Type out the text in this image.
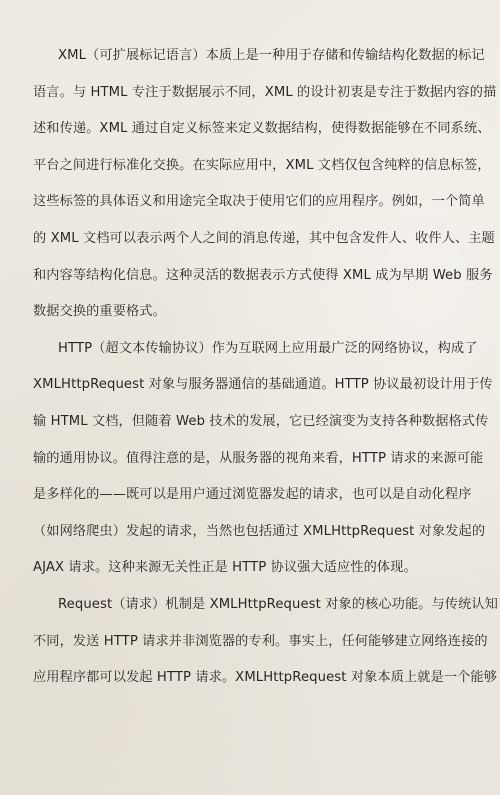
XML（可扩展标记语言）本质上是一种用于存储和传输结构化数据的标记
语言。与 HTML 专注于数据展示不同，XML 的设计初衷是专注于数据内容的描
述和传递。XML 通过自定义标签来定义数据结构，使得数据能够在不同系统、
平台之间进行标准化交换。在实际应用中，XML 文档仅包含纯粹的信息标签，
这些标签的具体语义和用途完全取决于使用它们的应用程序。例如，一个简单
的 XML 文档可以表示两个人之间的消息传递，其中包含发件人、收件人、主题
和内容等结构化信息。这种灵活的数据表示方式使得 XML 成为早期 Web 服务
数据交换的重要格式。
HTTP（超文本传输协议）作为互联网上应用最广泛的网络协议，构成了
XMLHttpRequest 对象与服务器通信的基础通道。HTTP 协议最初设计用于传
输 HTML 文档，但随着 Web 技术的发展，它已经演变为支持各种数据格式传
输的通用协议。值得注意的是，从服务器的视角来看，HTTP 请求的来源可能
是多样化的——既可以是用户通过浏览器发起的请求，也可以是自动化程序
（如网络爬虫）发起的请求，当然也包括通过 XMLHttpRequest 对象发起的
AJAX 请求。这种来源无关性正是 HTTP 协议强大适应性的体现。
Request（请求）机制是 XMLHttpRequest 对象的核心功能。与传统认知
不同，发送 HTTP 请求并非浏览器的专利。事实上，任何能够建立网络连接的
应用程序都可以发起 HTTP 请求。XMLHttpRequest 对象本质上就是一个能够
